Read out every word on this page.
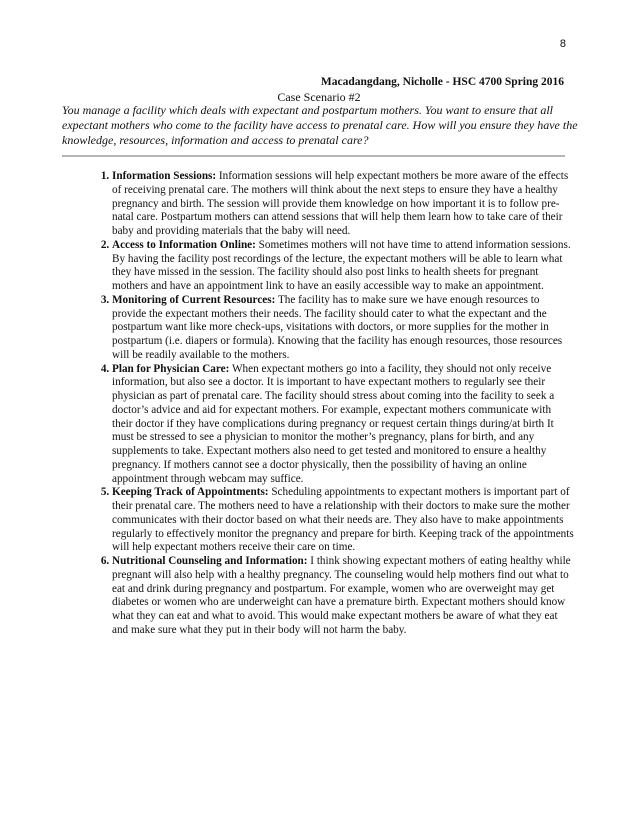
8
Macadangdang, Nicholle - HSC 4700 Spring 2016
Case Scenario #2
You manage a facility which deals with expectant and postpartum mothers. You want to ensure that all expectant mothers who come to the facility have access to prenatal care. How will you ensure they have the knowledge, resources, information and access to prenatal care?
1. Information Sessions: Information sessions will help expectant mothers be more aware of the effects of receiving prenatal care. The mothers will think about the next steps to ensure they have a healthy pregnancy and birth. The session will provide them knowledge on how important it is to follow pre-natal care. Postpartum mothers can attend sessions that will help them learn how to take care of their baby and providing materials that the baby will need.
2. Access to Information Online: Sometimes mothers will not have time to attend information sessions. By having the facility post recordings of the lecture, the expectant mothers will be able to learn what they have missed in the session. The facility should also post links to health sheets for pregnant mothers and have an appointment link to have an easily accessible way to make an appointment.
3. Monitoring of Current Resources: The facility has to make sure we have enough resources to provide the expectant mothers their needs. The facility should cater to what the expectant and the postpartum want like more check-ups, visitations with doctors, or more supplies for the mother in postpartum (i.e. diapers or formula). Knowing that the facility has enough resources, those resources will be readily available to the mothers.
4. Plan for Physician Care: When expectant mothers go into a facility, they should not only receive information, but also see a doctor. It is important to have expectant mothers to regularly see their physician as part of prenatal care. The facility should stress about coming into the facility to seek a doctor’s advice and aid for expectant mothers. For example, expectant mothers communicate with their doctor if they have complications during pregnancy or request certain things during/at birth It must be stressed to see a physician to monitor the mother’s pregnancy, plans for birth, and any supplements to take. Expectant mothers also need to get tested and monitored to ensure a healthy pregnancy. If mothers cannot see a doctor physically, then the possibility of having an online appointment through webcam may suffice.
5. Keeping Track of Appointments: Scheduling appointments to expectant mothers is important part of their prenatal care. The mothers need to have a relationship with their doctors to make sure the mother communicates with their doctor based on what their needs are. They also have to make appointments regularly to effectively monitor the pregnancy and prepare for birth. Keeping track of the appointments will help expectant mothers receive their care on time.
6. Nutritional Counseling and Information: I think showing expectant mothers of eating healthy while pregnant will also help with a healthy pregnancy. The counseling would help mothers find out what to eat and drink during pregnancy and postpartum. For example, women who are overweight may get diabetes or women who are underweight can have a premature birth. Expectant mothers should know what they can eat and what to avoid. This would make expectant mothers be aware of what they eat and make sure what they put in their body will not harm the baby.
